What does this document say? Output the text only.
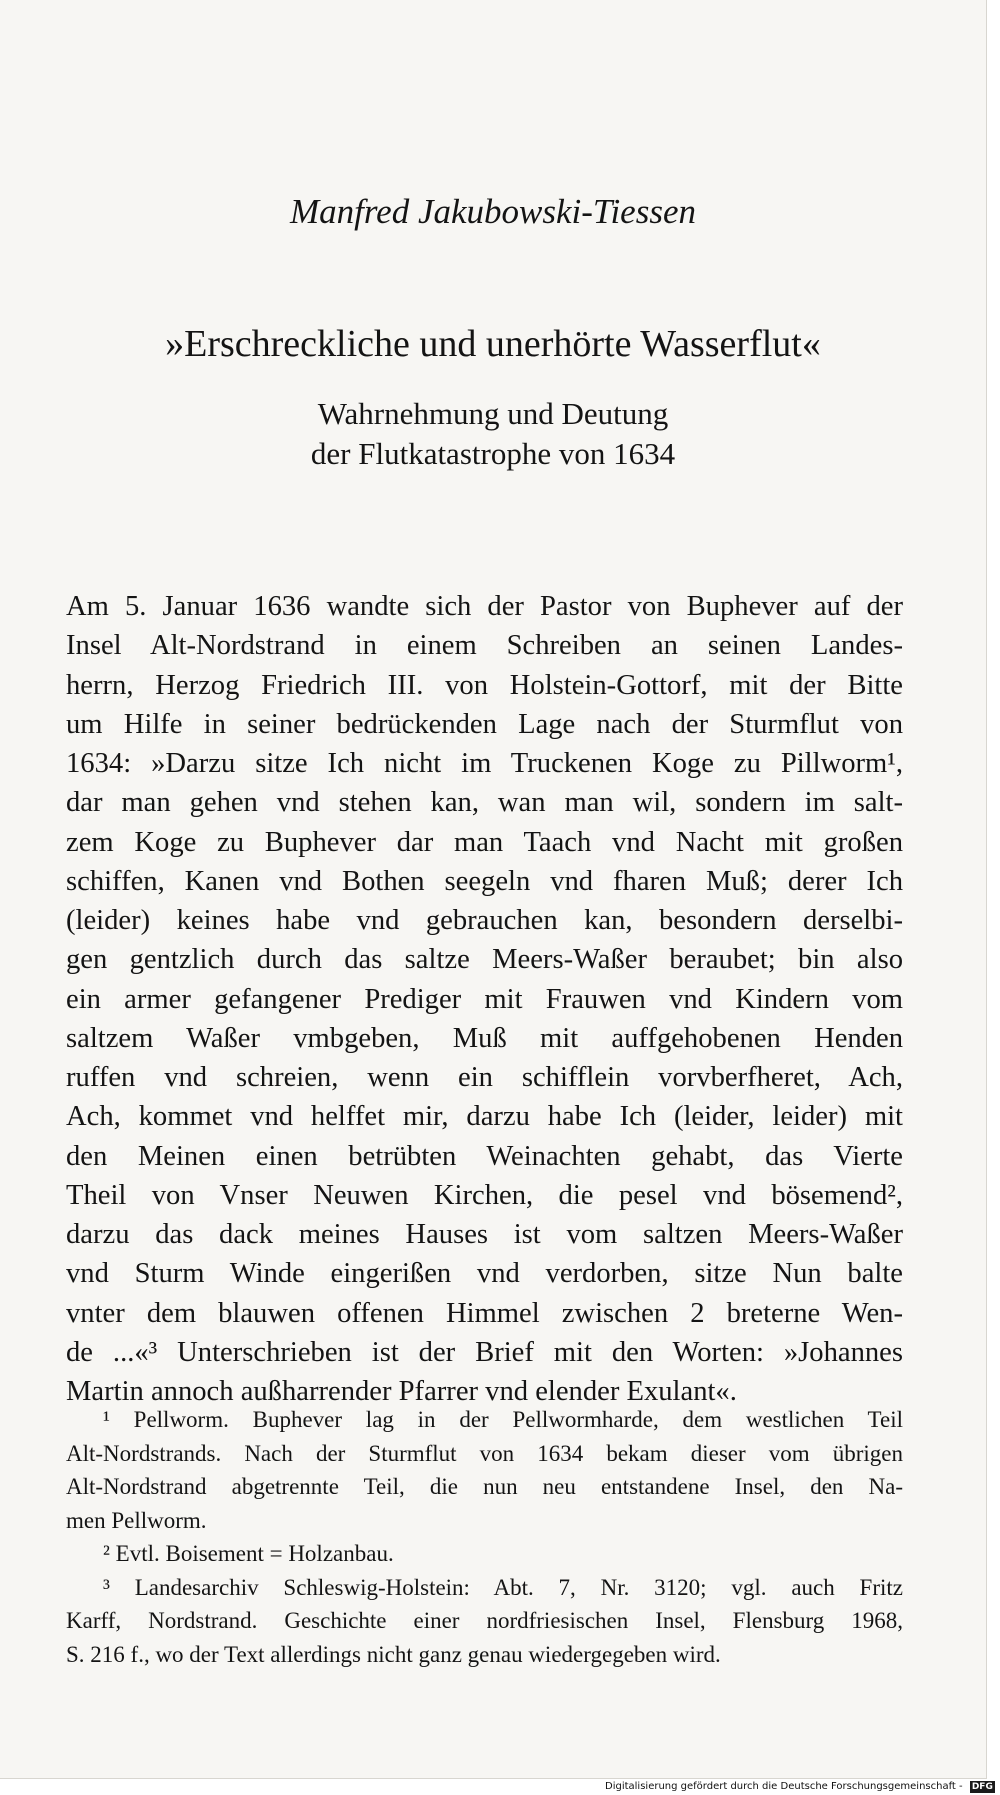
Manfred Jakubowski-Tiessen
»Erschreckliche und unerhörte Wasserflut«
Wahrnehmung und Deutung
der Flutkatastrophe von 1634
Am 5. Januar 1636 wandte sich der Pastor von Buphever auf der
Insel Alt-Nordstrand in einem Schreiben an seinen Landes-
herrn, Herzog Friedrich III. von Holstein-Gottorf, mit der Bitte
um Hilfe in seiner bedrückenden Lage nach der Sturmflut von
1634: »Darzu sitze Ich nicht im Truckenen Koge zu Pillworm¹,
dar man gehen vnd stehen kan, wan man wil, sondern im salt-
zem Koge zu Buphever dar man Taach vnd Nacht mit großen
schiffen, Kanen vnd Bothen seegeln vnd fharen Muß; derer Ich
(leider) keines habe vnd gebrauchen kan, besondern derselbi-
gen gentzlich durch das saltze Meers-Waßer beraubet; bin also
ein armer gefangener Prediger mit Frauwen vnd Kindern vom
saltzem Waßer vmbgeben, Muß mit auffgehobenen Henden
ruffen vnd schreien, wenn ein schifflein vorvberfheret, Ach,
Ach, kommet vnd helffet mir, darzu habe Ich (leider, leider) mit
den Meinen einen betrübten Weinachten gehabt, das Vierte
Theil von Vnser Neuwen Kirchen, die pesel vnd bösemend²,
darzu das dack meines Hauses ist vom saltzen Meers-Waßer
vnd Sturm Winde eingerißen vnd verdorben, sitze Nun balte
vnter dem blauwen offenen Himmel zwischen 2 breterne Wen-
de ...«³ Unterschrieben ist der Brief mit den Worten: »Johannes
Martin annoch außharrender Pfarrer vnd elender Exulant«.
¹ Pellworm. Buphever lag in der Pellwormharde, dem westlichen Teil
Alt-Nordstrands. Nach der Sturmflut von 1634 bekam dieser vom übrigen
Alt-Nordstrand abgetrennte Teil, die nun neu entstandene Insel, den Na-
men Pellworm.
² Evtl. Boisement = Holzanbau.
³ Landesarchiv Schleswig-Holstein: Abt. 7, Nr. 3120; vgl. auch Fritz
Karff, Nordstrand. Geschichte einer nordfriesischen Insel, Flensburg 1968,
S. 216 f., wo der Text allerdings nicht ganz genau wiedergegeben wird.
Digitalisierung gefördert durch die Deutsche Forschungsgemeinschaft - DFG
